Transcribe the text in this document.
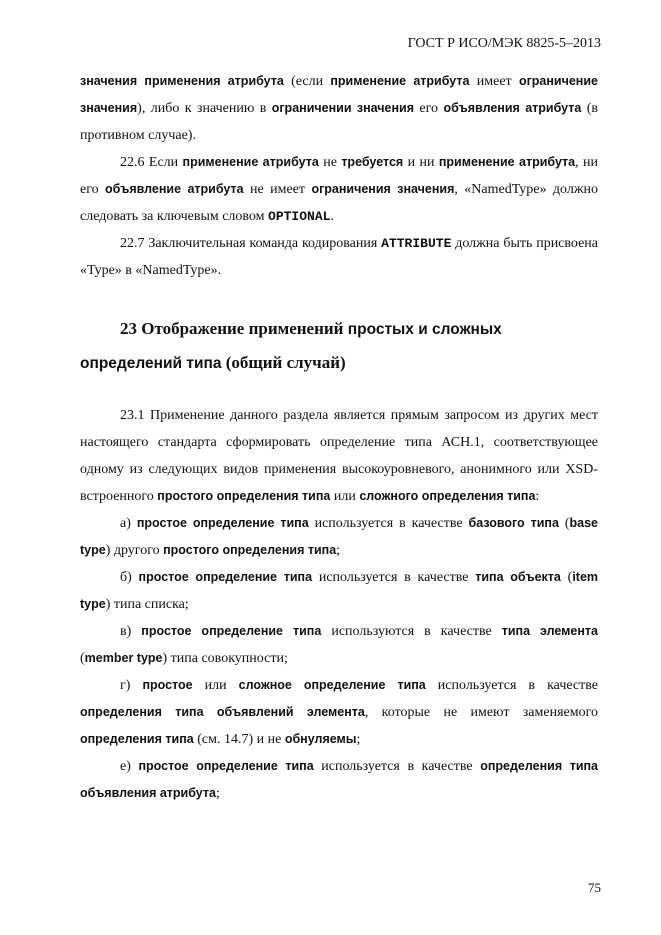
ГОСТ Р ИСО/МЭК 8825-5–2013

значения применения атрибута (если применение атрибута имеет ограничение значения), либо к значению в ограничении значения его объявления атрибута (в противном случае).

22.6 Если применение атрибута не требуется и ни применение атрибута, ни его объявление атрибута не имеет ограничения значения, «NamedType» должно следовать за ключевым словом OPTIONAL.

22.7 Заключительная команда кодирования ATTRIBUTE должна быть присвоена «Type» в «NamedType».

23 Отображение применений простых и сложных определений типа (общий случай)

23.1 Применение данного раздела является прямым запросом из других мест настоящего стандарта сформировать определение типа АСН.1, соответствующее одному из следующих видов применения высокоуровневого, анонимного или XSD-встроенного простого определения типа или сложного определения типа:

а) простое определение типа используется в качестве базового типа (base type) другого простого определения типа;

б) простое определение типа используется в качестве типа объекта (item type) типа списка;

в) простое определение типа используются в качестве типа элемента (member type) типа совокупности;

г) простое или сложное определение типа используется в качестве определения типа объявлений элемента, которые не имеют заменяемого определения типа (см. 14.7) и не обнуляемы;

е) простое определение типа используется в качестве определения типа объявления атрибута;

75
